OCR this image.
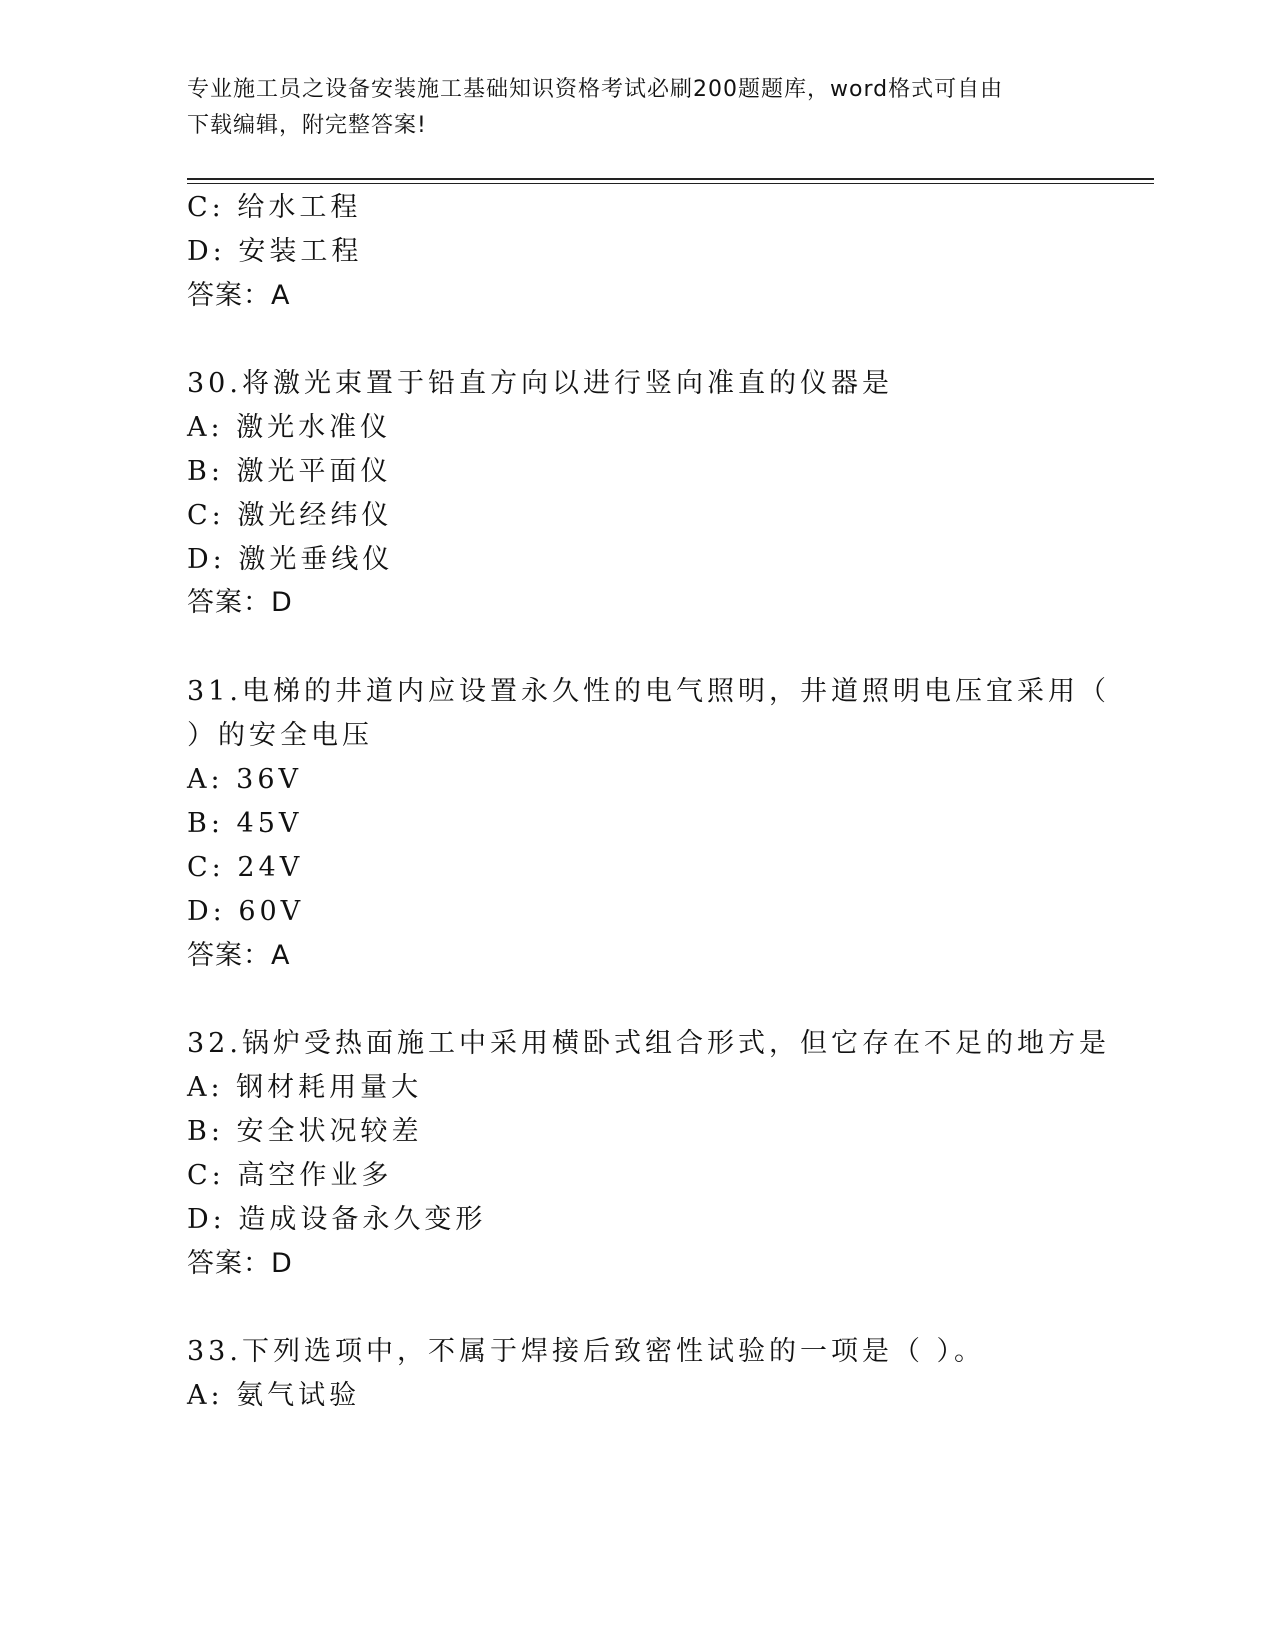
专业施工员之设备安装施工基础知识资格考试必刷200题题库，word格式可自由
下载编辑，附完整答案!
C: 给水工程
D: 安装工程
答案：A
30.将激光束置于铅直方向以进行竖向准直的仪器是
A: 激光水准仪
B: 激光平面仪
C: 激光经纬仪
D: 激光垂线仪
答案：D
31.电梯的井道内应设置永久性的电气照明，井道照明电压宜采用（
）的安全电压
A: 36V
B: 45V
C: 24V
D: 60V
答案：A
32.锅炉受热面施工中采用横卧式组合形式，但它存在不足的地方是
A: 钢材耗用量大
B: 安全状况较差
C: 高空作业多
D: 造成设备永久变形
答案：D
33.下列选项中，不属于焊接后致密性试验的一项是（ ）。
A: 氨气试验
